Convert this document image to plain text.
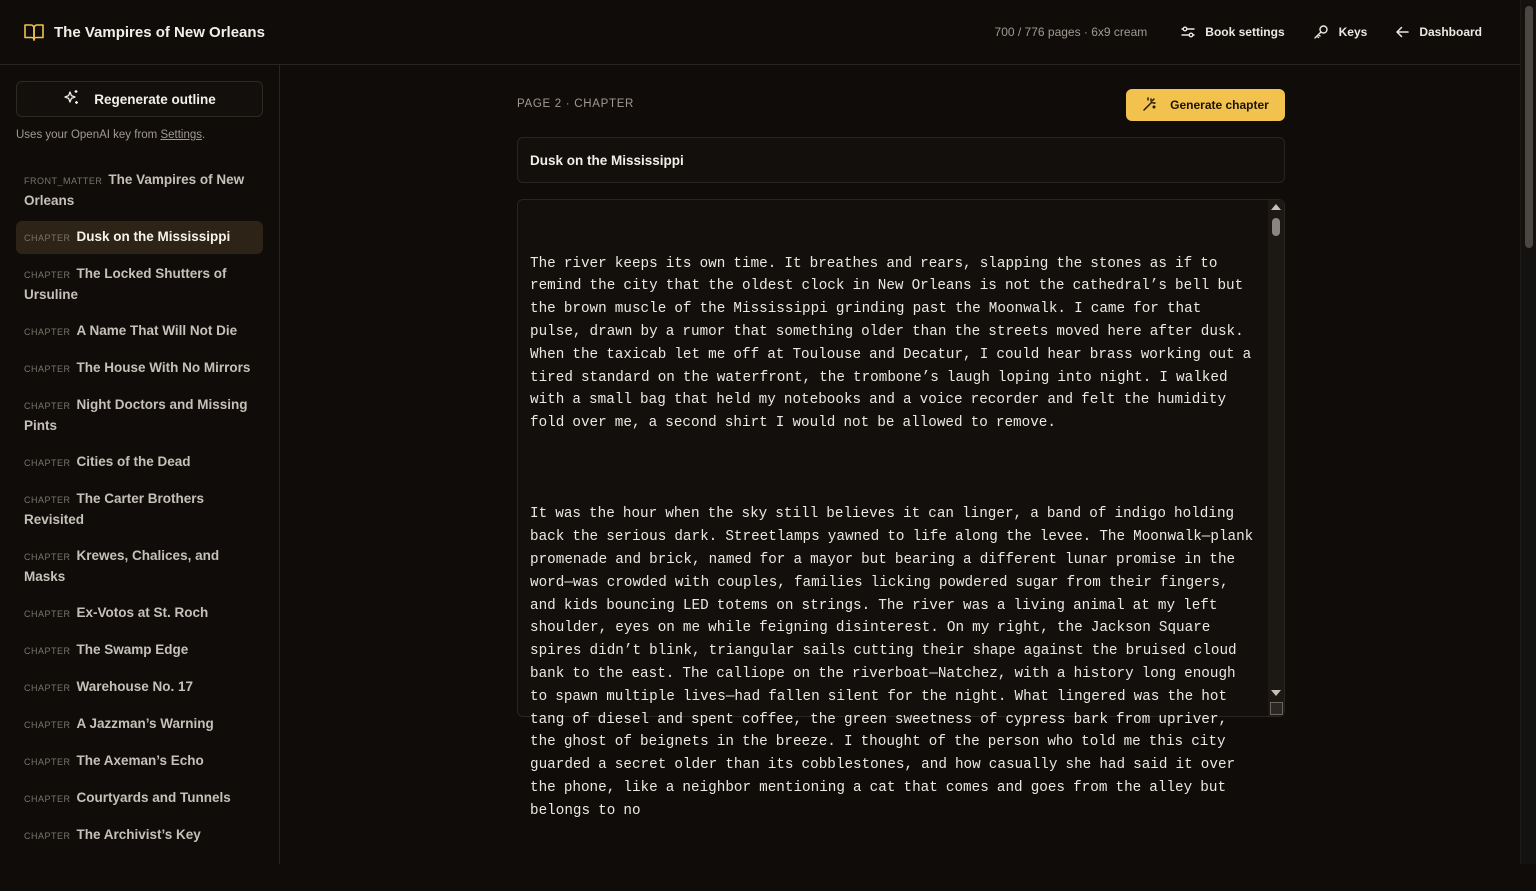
The Vampires of New Orleans	700 / 776 pages · 6x9 cream	Book settings	Keys	Dashboard
Regenerate outline

Uses your OpenAI key from Settings.

FRONT_MATTER The Vampires of New Orleans
CHAPTER Dusk on the Mississippi
CHAPTER The Locked Shutters of Ursuline
CHAPTER A Name That Will Not Die
CHAPTER The House With No Mirrors
CHAPTER Night Doctors and Missing Pints
CHAPTER Cities of the Dead
CHAPTER The Carter Brothers Revisited
CHAPTER Krewes, Chalices, and Masks
CHAPTER Ex-Votos at St. Roch
CHAPTER The Swamp Edge
CHAPTER Warehouse No. 17
CHAPTER A Jazzman’s Warning
CHAPTER The Axeman’s Echo
CHAPTER Courtyards and Tunnels
CHAPTER The Archivist’s Key
PAGE 2 · CHAPTER	Generate chapter
Dusk on the Mississippi

The river keeps its own time. It breathes and rears, slapping the stones as if to remind the city that the oldest clock in New Orleans is not the cathedral’s bell but the brown muscle of the Mississippi grinding past the Moonwalk. I came for that pulse, drawn by a rumor that something older than the streets moved here after dusk. When the taxicab let me off at Toulouse and Decatur, I could hear brass working out a tired standard on the waterfront, the trombone’s laugh loping into night. I walked with a small bag that held my notebooks and a voice recorder and felt the humidity fold over me, a second shirt I would not be allowed to remove.

It was the hour when the sky still believes it can linger, a band of indigo holding back the serious dark. Streetlamps yawned to life along the levee. The Moonwalk—plank promenade and brick, named for a mayor but bearing a different lunar promise in the word—was crowded with couples, families licking powdered sugar from their fingers, and kids bouncing LED totems on strings. The river was a living animal at my left shoulder, eyes on me while feigning disinterest. On my right, the Jackson Square spires didn’t blink, triangular sails cutting their shape against the bruised cloud bank to the east. The calliope on the riverboat—Natchez, with a history long enough to spawn multiple lives—had fallen silent for the night. What lingered was the hot tang of diesel and spent coffee, the green sweetness of cypress bark from upriver, the ghost of beignets in the breeze. I thought of the person who told me this city guarded a secret older than its cobblestones, and how casually she had said it over the phone, like a neighbor mentioning a cat that comes and goes from the alley but belongs to no
